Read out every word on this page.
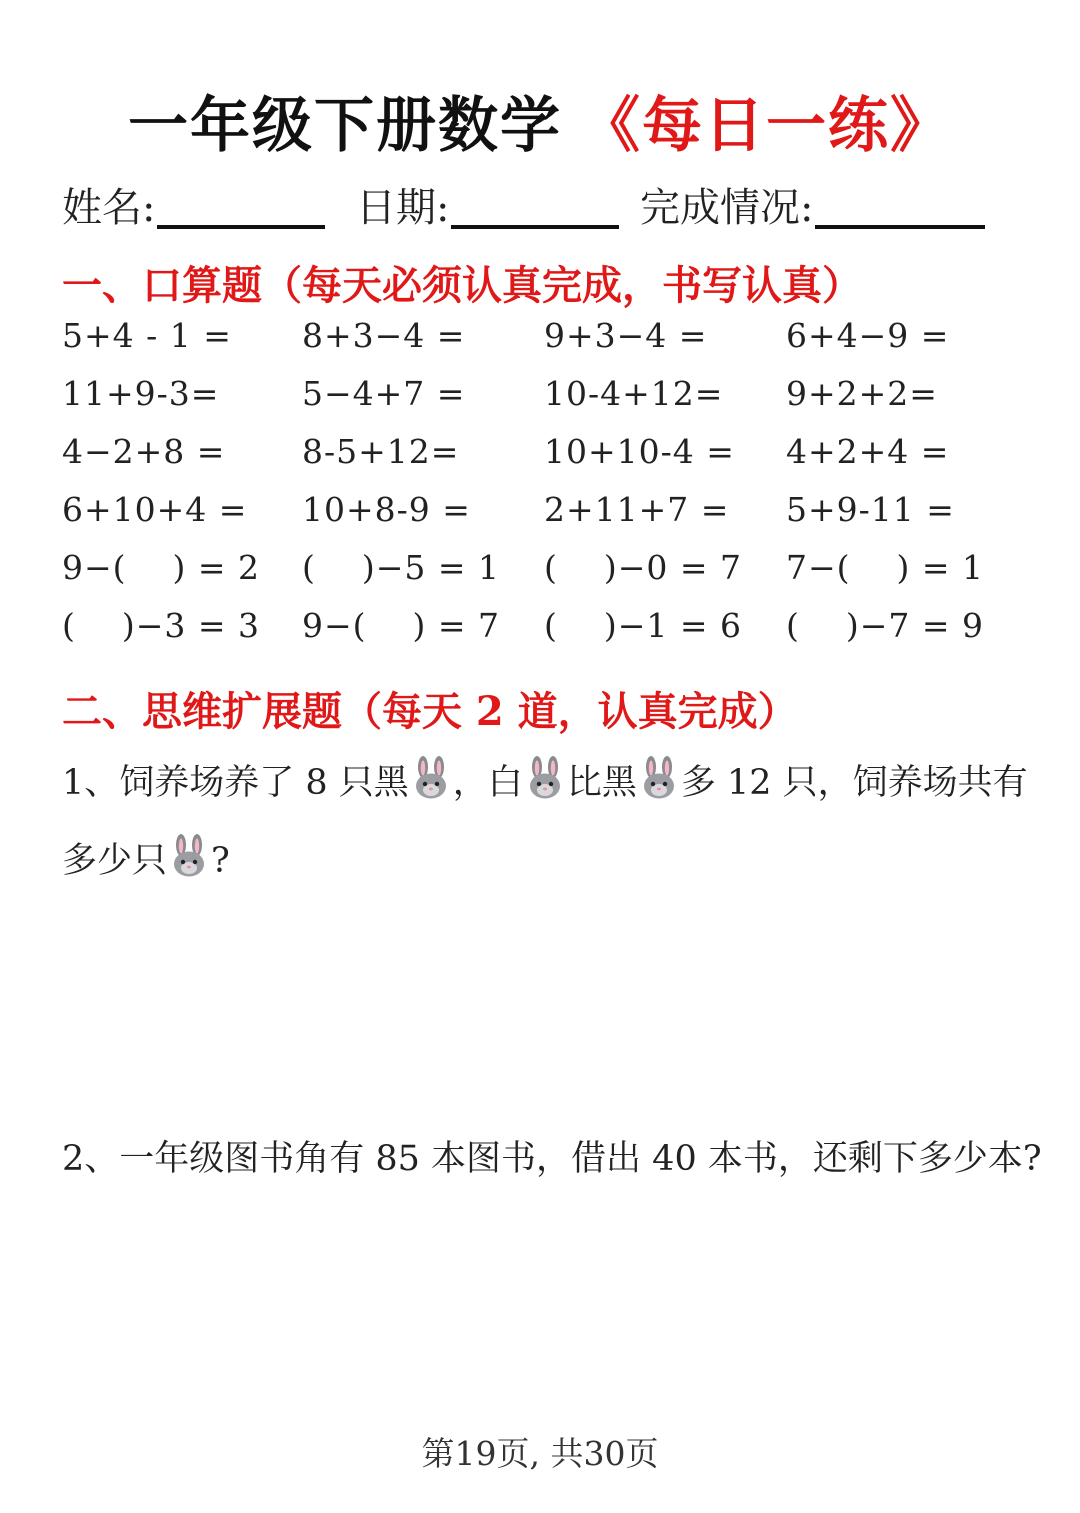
一年级下册数学 《每日一练》
姓名:	日期:	完成情况:
一、口算题（每天必须认真完成，书写认真）
5+4 - 1 = 8+3−4 = 9+3−4 = 6+4−9 =
11+9-3=	5−4+7 = 10-4+12= 9+2+2=
4−2+8 = 8-5+12=	10+10-4 = 4+2+4 =
6+10+4 = 10+8-9 = 2+11+7 = 5+9-11 =
9−(    ) = 2 (    )−5 = 1 (    )−0 = 7 7−(    ) = 1
(    )−3 = 3 9−(    ) = 7 (    )−1 = 6 (    )−7 = 9
二、思维扩展题（每天 2 道，认真完成）
1、饲养场养了 8 只黑 ，白 比黑 多 12 只，饲养场共有
多少只 ?
2、一年级图书角有 85 本图书，借出 40 本书，还剩下多少本?
第19页, 共30页
